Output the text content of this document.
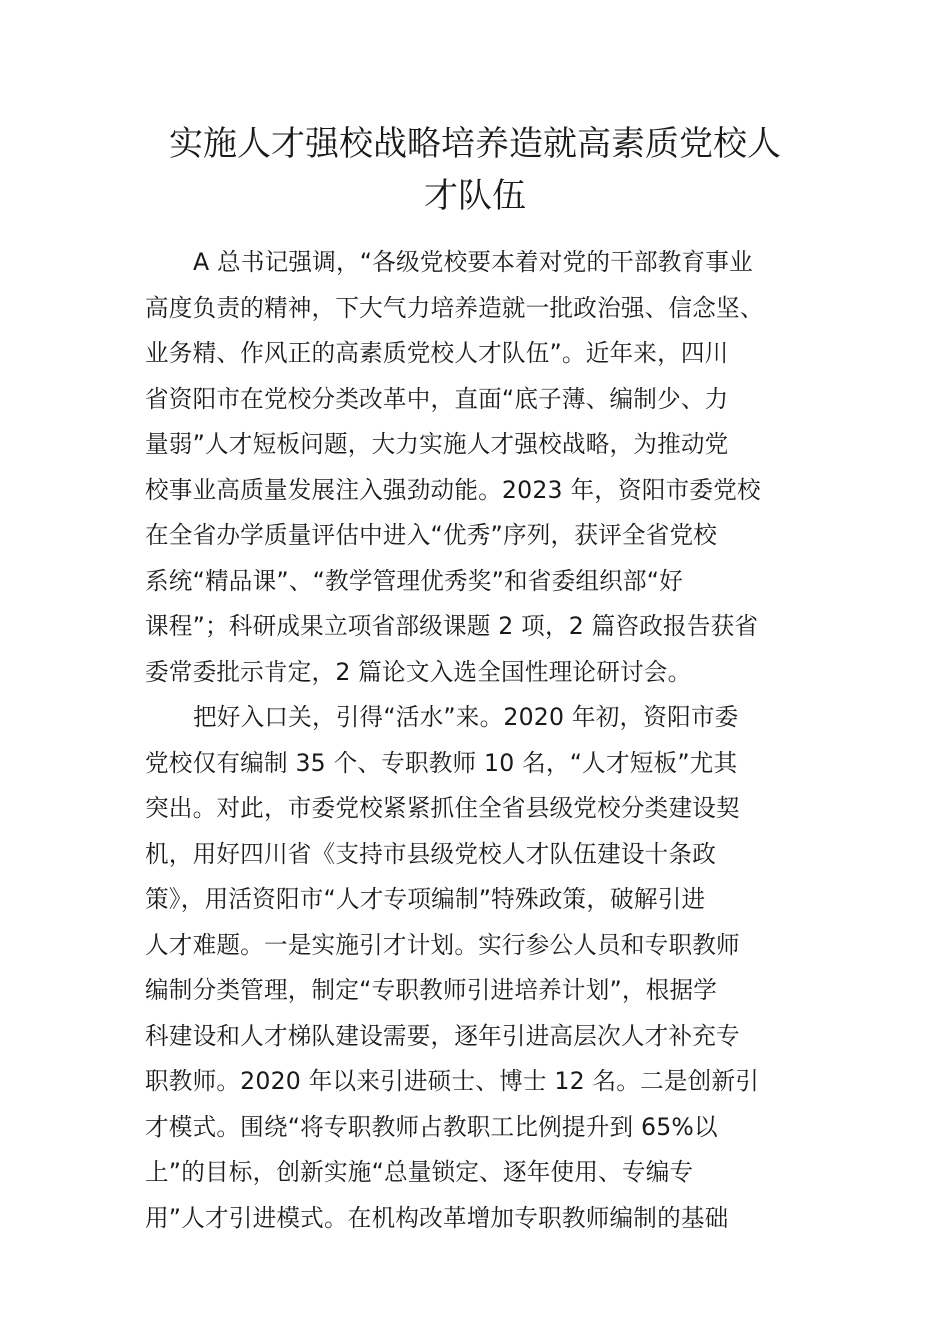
实施人才强校战略培养造就高素质党校人
才队伍
A 总书记强调，“各级党校要本着对党的干部教育事业
高度负责的精神，下大气力培养造就一批政治强、信念坚、
业务精、作风正的高素质党校人才队伍”。近年来，四川
省资阳市在党校分类改革中，直面“底子薄、编制少、力
量弱”人才短板问题，大力实施人才强校战略，为推动党
校事业高质量发展注入强劲动能。2023 年，资阳市委党校
在全省办学质量评估中进入“优秀”序列，获评全省党校
系统“精品课”、“教学管理优秀奖”和省委组织部“好
课程”；科研成果立项省部级课题 2 项，2 篇咨政报告获省
委常委批示肯定，2 篇论文入选全国性理论研讨会。
把好入口关，引得“活水”来。2020 年初，资阳市委
党校仅有编制 35 个、专职教师 10 名，“人才短板”尤其
突出。对此，市委党校紧紧抓住全省县级党校分类建设契
机，用好四川省《支持市县级党校人才队伍建设十条政
策》，用活资阳市“人才专项编制”特殊政策，破解引进
人才难题。一是实施引才计划。实行参公人员和专职教师
编制分类管理，制定“专职教师引进培养计划”，根据学
科建设和人才梯队建设需要，逐年引进高层次人才补充专
职教师。2020 年以来引进硕士、博士 12 名。二是创新引
才模式。围绕“将专职教师占教职工比例提升到 65%以
上”的目标，创新实施“总量锁定、逐年使用、专编专
用”人才引进模式。在机构改革增加专职教师编制的基础
